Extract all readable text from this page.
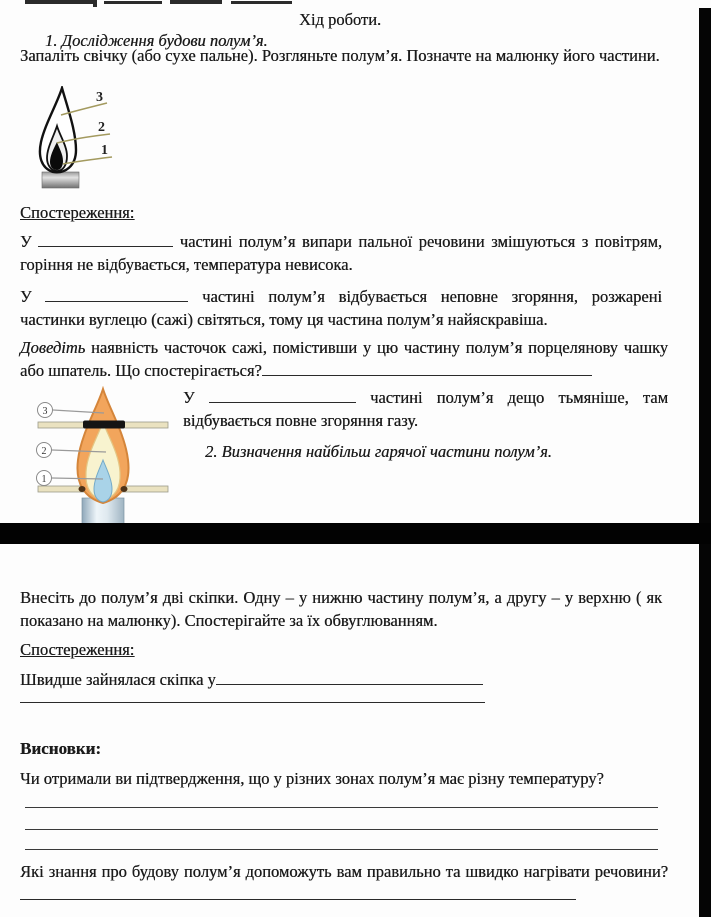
Хід роботи.
1. Дослідження будови полум’я.

Запаліть свічку (або сухе пальне). Розгляньте полум’я. Позначте на малюнку його частини.

3
2
1
Спостереження:

У	частині полум’я випари пальної речовини змішуються з повітрям, горіння не відбувається, температура невисока.

У	частині полум’я відбувається неповне згоряння, розжарені частинки вуглецю (сажі) світяться, тому ця частина полум’я найяскравіша.

Доведіть наявність часточок сажі, помістивши у цю частину полум’я порцелянову чашку або шпатель. Що спостерігається?

3
2
1

У	частині полум’я дещо тьмяніше, там відбувається повне згоряння газу.

2. Визначення найбільш гарячої частини полум’я.

Внесіть до полум’я дві скіпки. Одну – у нижню частину полум’я, а другу – у верхню ( як показано на малюнку). Спостерігайте за їх обвуглюванням.

Спостереження:

Швидше зайнялася скіпка у

Висновки:

Чи отримали ви підтвердження, що у різних зонах полум’я має різну температуру?

Які знання про будову полум’я допоможуть вам правильно та швидко нагрівати речовини?
